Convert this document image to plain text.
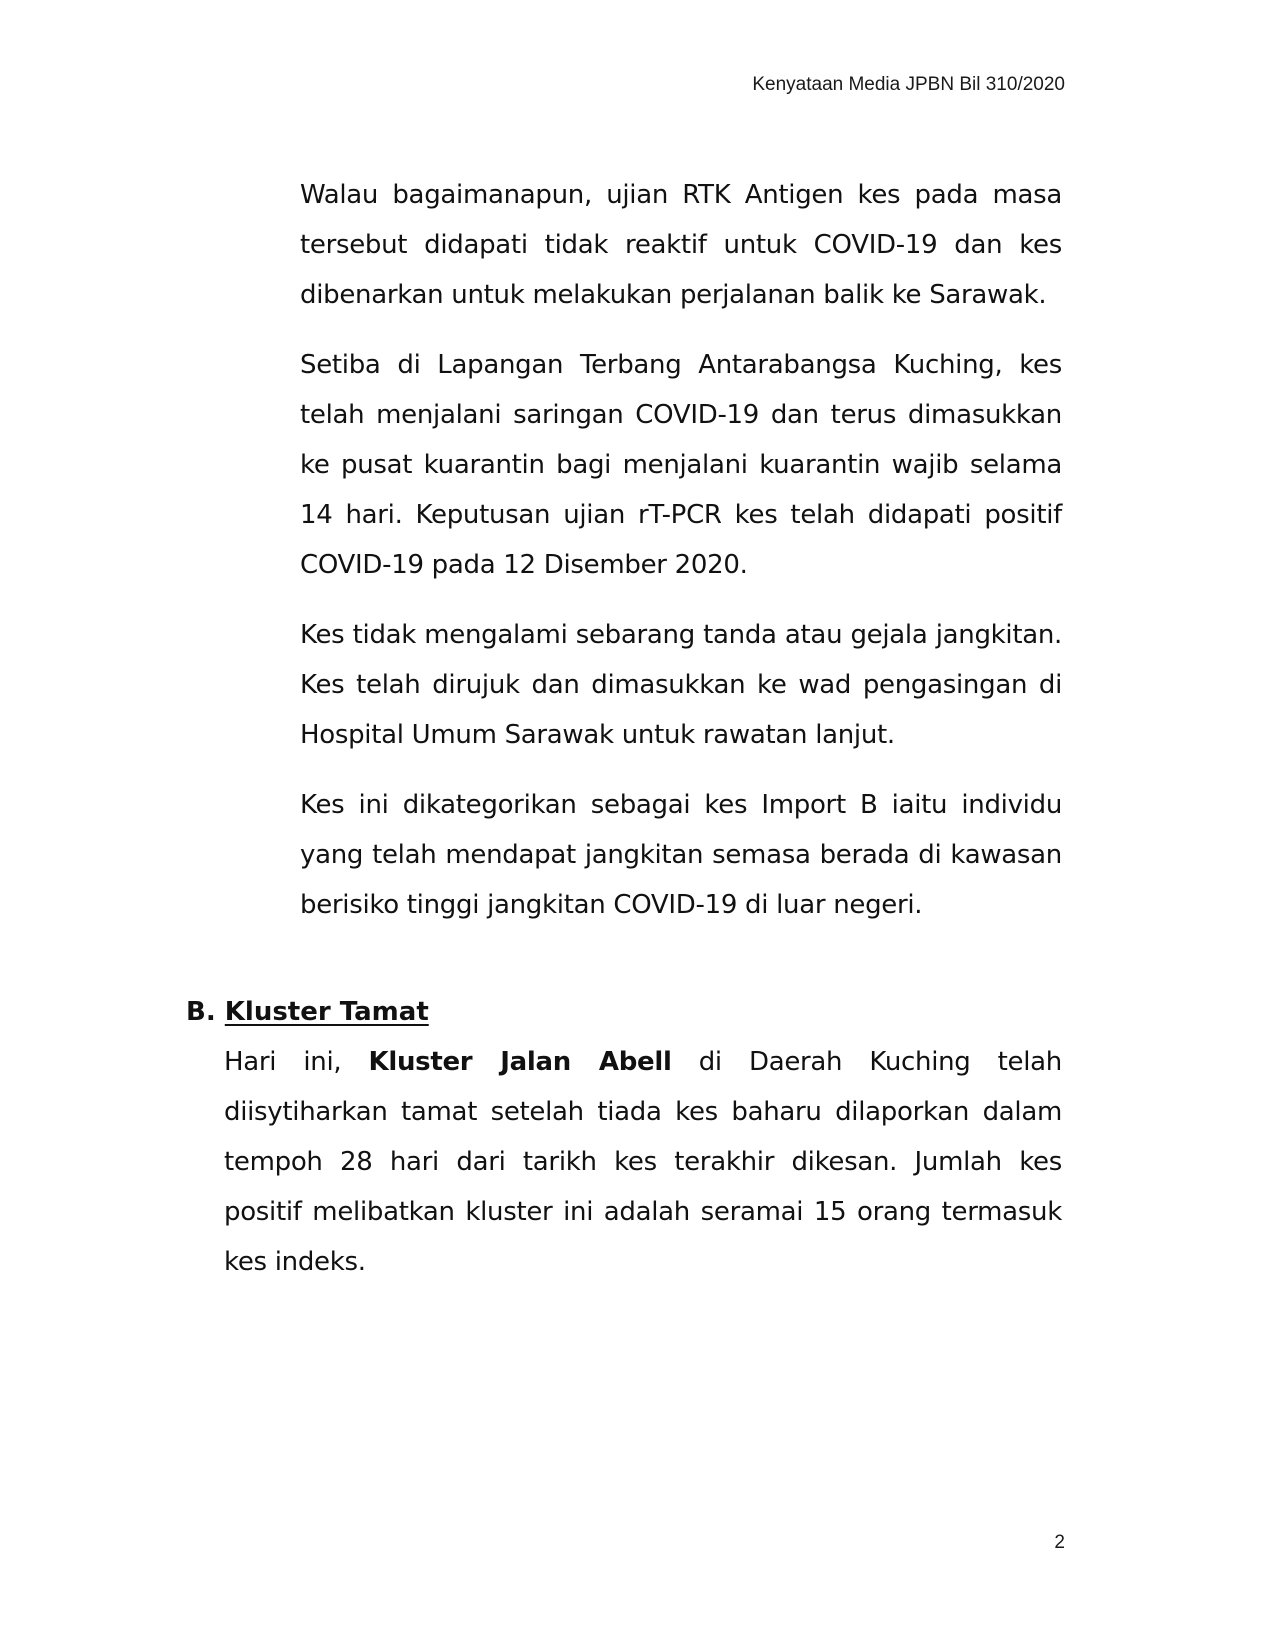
Kenyataan Media JPBN Bil 310/2020

Walau bagaimanapun, ujian RTK Antigen kes pada masa tersebut didapati tidak reaktif untuk COVID-19 dan kes dibenarkan untuk melakukan perjalanan balik ke Sarawak.

Setiba di Lapangan Terbang Antarabangsa Kuching, kes telah menjalani saringan COVID-19 dan terus dimasukkan ke pusat kuarantin bagi menjalani kuarantin wajib selama 14 hari. Keputusan ujian rT-PCR kes telah didapati positif COVID-19 pada 12 Disember 2020.

Kes tidak mengalami sebarang tanda atau gejala jangkitan. Kes telah dirujuk dan dimasukkan ke wad pengasingan di Hospital Umum Sarawak untuk rawatan lanjut.

Kes ini dikategorikan sebagai kes Import B iaitu individu yang telah mendapat jangkitan semasa berada di kawasan berisiko tinggi jangkitan COVID-19 di luar negeri.

B. Kluster Tamat

Hari ini, Kluster Jalan Abell di Daerah Kuching telah diisytiharkan tamat setelah tiada kes baharu dilaporkan dalam tempoh 28 hari dari tarikh kes terakhir dikesan. Jumlah kes positif melibatkan kluster ini adalah seramai 15 orang termasuk kes indeks.

2
